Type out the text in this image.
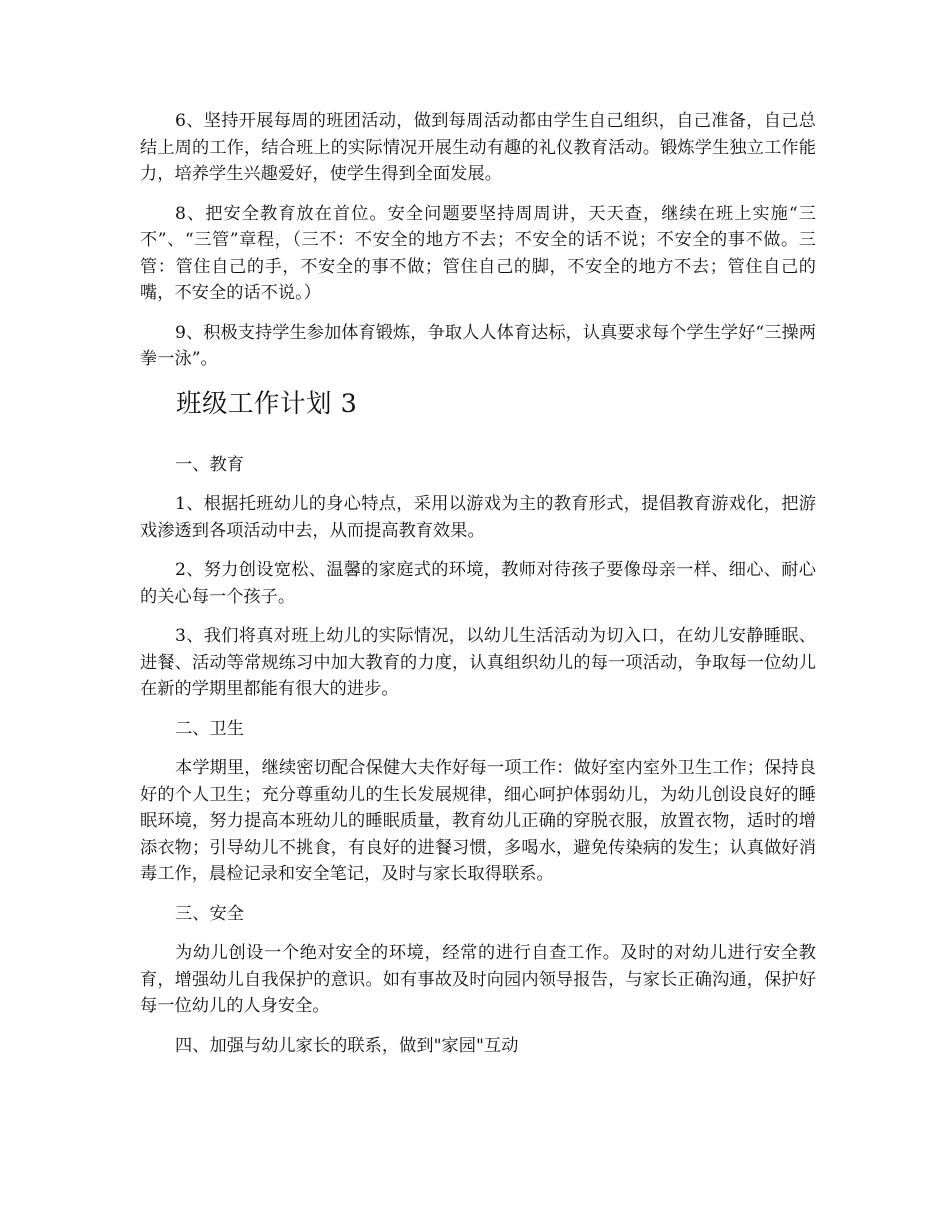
6、坚持开展每周的班团活动，做到每周活动都由学生自己组织，自己准备，自己总结上周的工作，结合班上的实际情况开展生动有趣的礼仪教育活动。锻炼学生独立工作能力，培养学生兴趣爱好，使学生得到全面发展。

8、把安全教育放在首位。安全问题要坚持周周讲，天天查，继续在班上实施“三不”、“三管”章程，（三不：不安全的地方不去；不安全的话不说；不安全的事不做。三管：管住自己的手，不安全的事不做；管住自己的脚，不安全的地方不去；管住自己的嘴，不安全的话不说。）

9、积极支持学生参加体育锻炼，争取人人体育达标，认真要求每个学生学好“三操两拳一泳”。

班级工作计划 3

一、教育

1、根据托班幼儿的身心特点，采用以游戏为主的教育形式，提倡教育游戏化，把游戏渗透到各项活动中去，从而提高教育效果。

2、努力创设宽松、温馨的家庭式的环境，教师对待孩子要像母亲一样、细心、耐心的关心每一个孩子。

3、我们将真对班上幼儿的实际情况，以幼儿生活活动为切入口，在幼儿安静睡眠、进餐、活动等常规练习中加大教育的力度，认真组织幼儿的每一项活动，争取每一位幼儿在新的学期里都能有很大的进步。

二、卫生

本学期里，继续密切配合保健大夫作好每一项工作：做好室内室外卫生工作；保持良好的个人卫生；充分尊重幼儿的生长发展规律，细心呵护体弱幼儿，为幼儿创设良好的睡眠环境，努力提高本班幼儿的睡眠质量，教育幼儿正确的穿脱衣服，放置衣物，适时的增添衣物；引导幼儿不挑食，有良好的进餐习惯，多喝水，避免传染病的发生；认真做好消毒工作，晨检记录和安全笔记，及时与家长取得联系。

三、安全

为幼儿创设一个绝对安全的环境，经常的进行自查工作。及时的对幼儿进行安全教育，增强幼儿自我保护的意识。如有事故及时向园内领导报告，与家长正确沟通，保护好每一位幼儿的人身安全。

四、加强与幼儿家长的联系，做到"家园"互动
